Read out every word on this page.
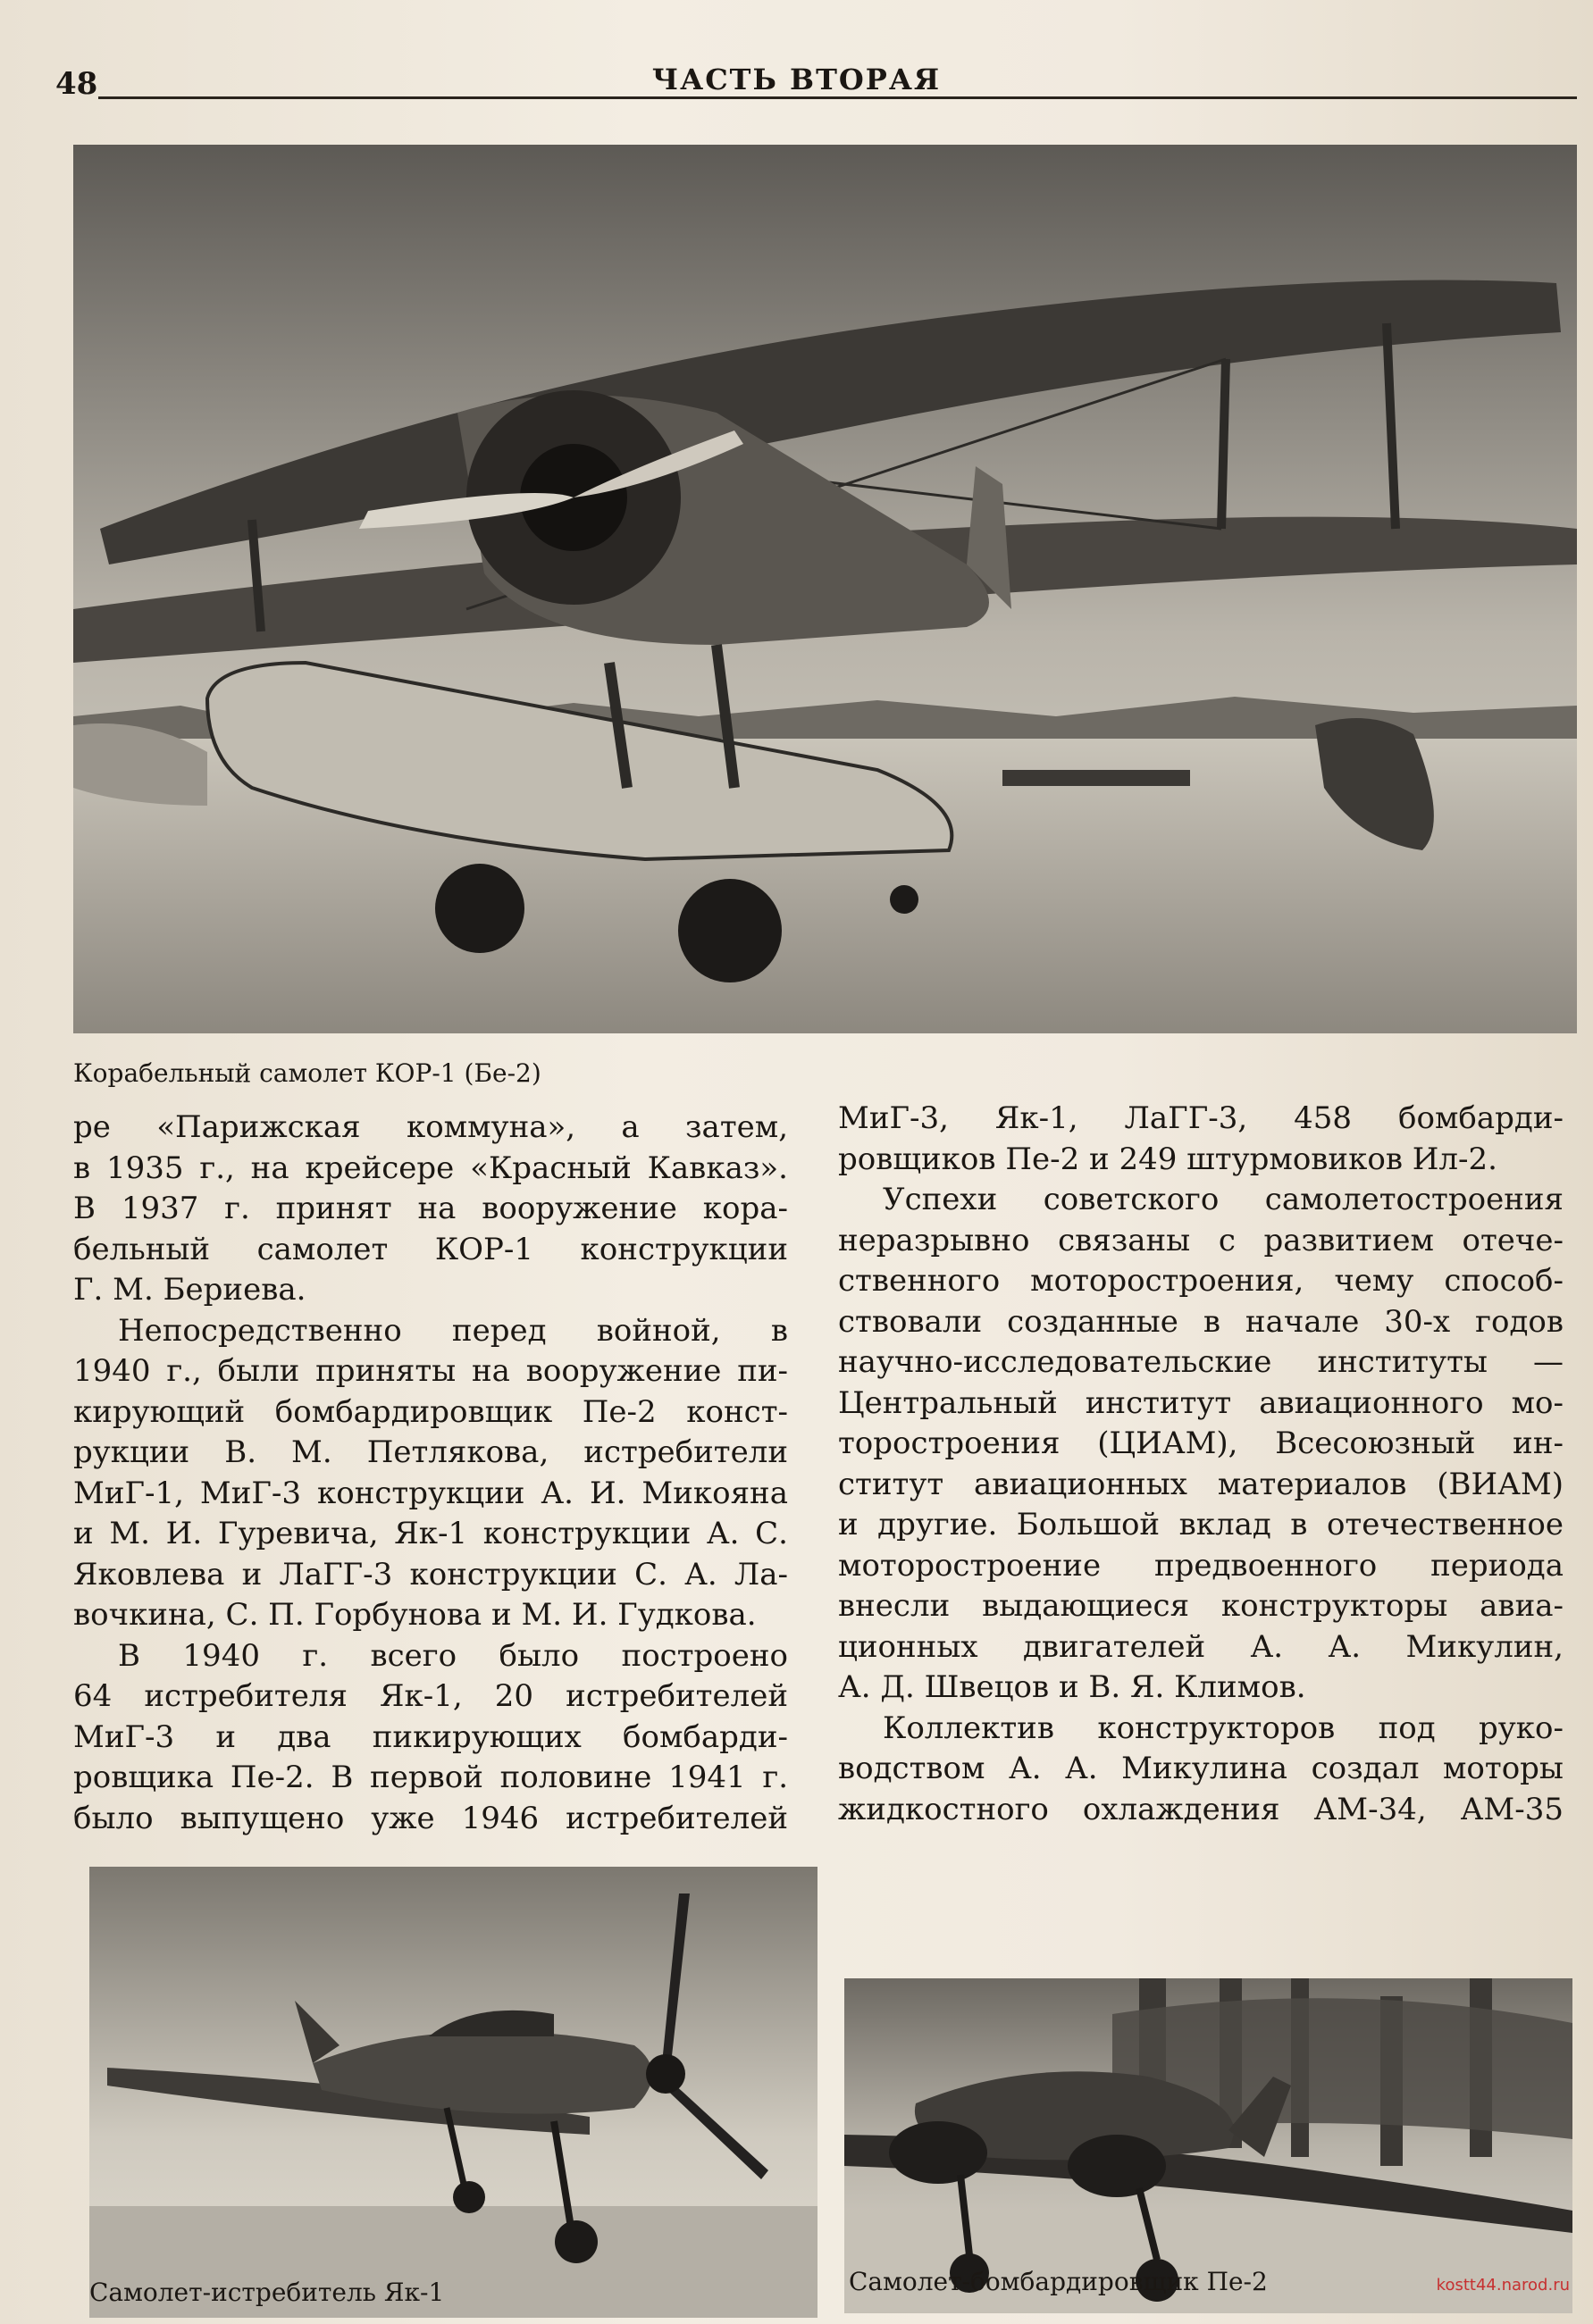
48	ЧАСТЬ ВТОРАЯ
Корабельный самолет КОР-1 (Бе-2)
ре «Парижская коммуна», а затем,
в 1935 г., на крейсере «Красный Кавказ».
В 1937 г. принят на вооружение кора-
бельный самолет КОР-1 конструкции
Г. М. Бериева.
Непосредственно перед войной, в
1940 г., были приняты на вооружение пи-
кирующий бомбардировщик Пе-2 конст-
рукции В. М. Петлякова, истребители
МиГ-1, МиГ-3 конструкции А. И. Микояна
и М. И. Гуревича, Як-1 конструкции А. С.
Яковлева и ЛаГГ-3 конструкции С. А. Ла-
вочкина, С. П. Горбунова и М. И. Гудкова.
В 1940 г. всего было построено
64 истребителя Як-1, 20 истребителей
МиГ-3 и два пикирующих бомбарди-
ровщика Пе-2. В первой половине 1941 г.
было выпущено уже 1946 истребителей
МиГ-3, Як-1, ЛаГГ-3, 458 бомбарди-
ровщиков Пе-2 и 249 штурмовиков Ил-2.
Успехи советского самолетостроения
неразрывно связаны с развитием отече-
ственного моторостроения, чему способ-
ствовали созданные в начале 30-х годов
научно-исследовательские институты —
Центральный институт авиационного мо-
торостроения (ЦИАМ), Всесоюзный ин-
ститут авиационных материалов (ВИАМ)
и другие. Большой вклад в отечественное
моторостроение предвоенного периода
внесли выдающиеся конструкторы авиа-
ционных двигателей А. А. Микулин,
А. Д. Швецов и В. Я. Климов.
Коллектив конструкторов под руко-
водством А. А. Микулина создал моторы
жидкостного охлаждения АМ-34, АМ-35
Самолет-истребитель Як-1	Самолет-бомбардировщик Пе-2	kostt44.narod.ru
